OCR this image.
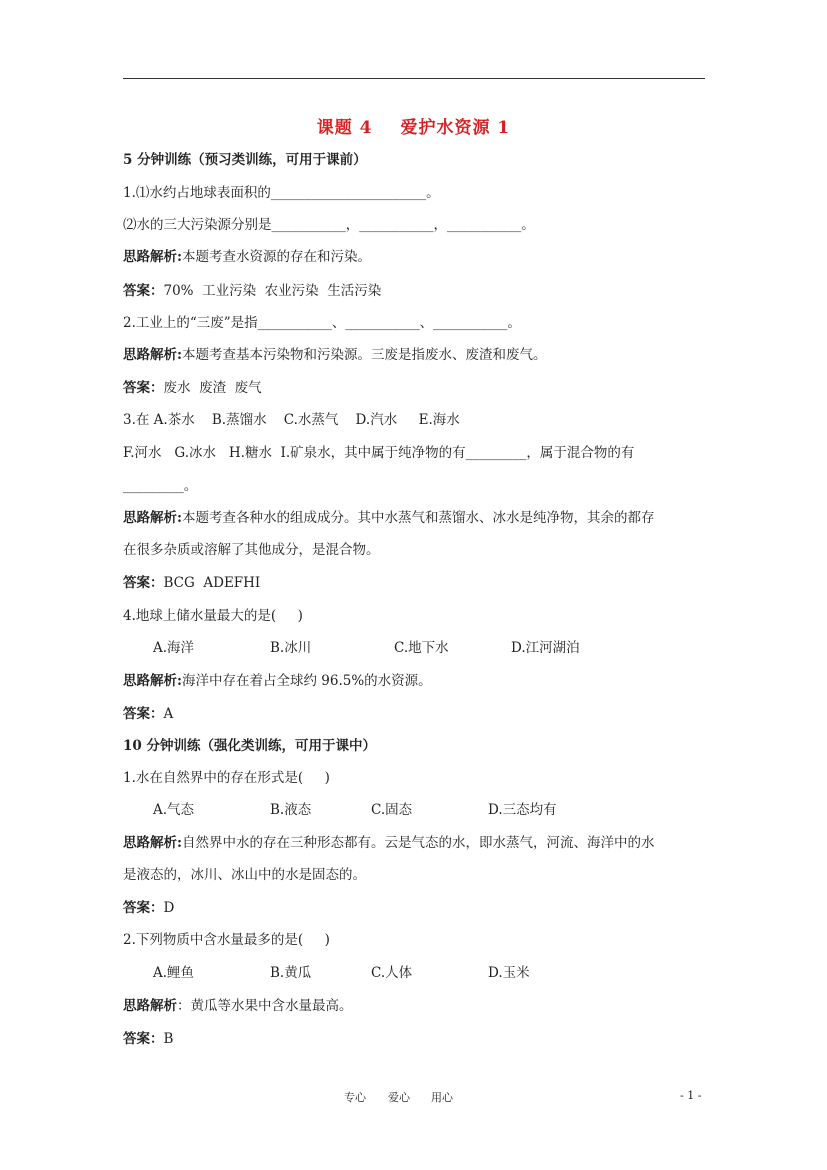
课题 4 爱护水资源 1
5 分钟训练（预习类训练，可用于课前）
1.⑴水约占地球表面积的_______________________。
⑵水的三大污染源分别是___________，___________，___________。
思路解析:本题考查水资源的存在和污染。
答案：70%  工业污染  农业污染  生活污染
2.工业上的“三废”是指___________、___________、___________。
思路解析:本题考查基本污染物和污染源。三废是指废水、废渣和废气。
答案：废水  废渣  废气
3.在 A.茶水    B.蒸馏水    C.水蒸气    D.汽水     E.海水
F.河水   G.冰水   H.糖水  I.矿泉水，其中属于纯净物的有_________，属于混合物的有
_________。
思路解析:本题考查各种水的组成成分。其中水蒸气和蒸馏水、冰水是纯净物，其余的都存
在很多杂质或溶解了其他成分，是混合物。
答案：BCG  ADEFHI
4.地球上储水量最大的是(     )
A.海洋	B.冰川	C.地下水	D.江河湖泊
思路解析:海洋中存在着占全球约 96.5%的水资源。
答案：A
10 分钟训练（强化类训练，可用于课中）
1.水在自然界中的存在形式是(     )
A.气态	B.液态	C.固态	D.三态均有
思路解析:自然界中水的存在三种形态都有。云是气态的水，即水蒸气，河流、海洋中的水
是液态的，冰川、冰山中的水是固态的。
答案：D
2.下列物质中含水量最多的是(     )
A.鲤鱼	B.黄瓜	C.人体	D.玉米
思路解析：黄瓜等水果中含水量最高。
答案：B
专心 爱心 用心	- 1 -
